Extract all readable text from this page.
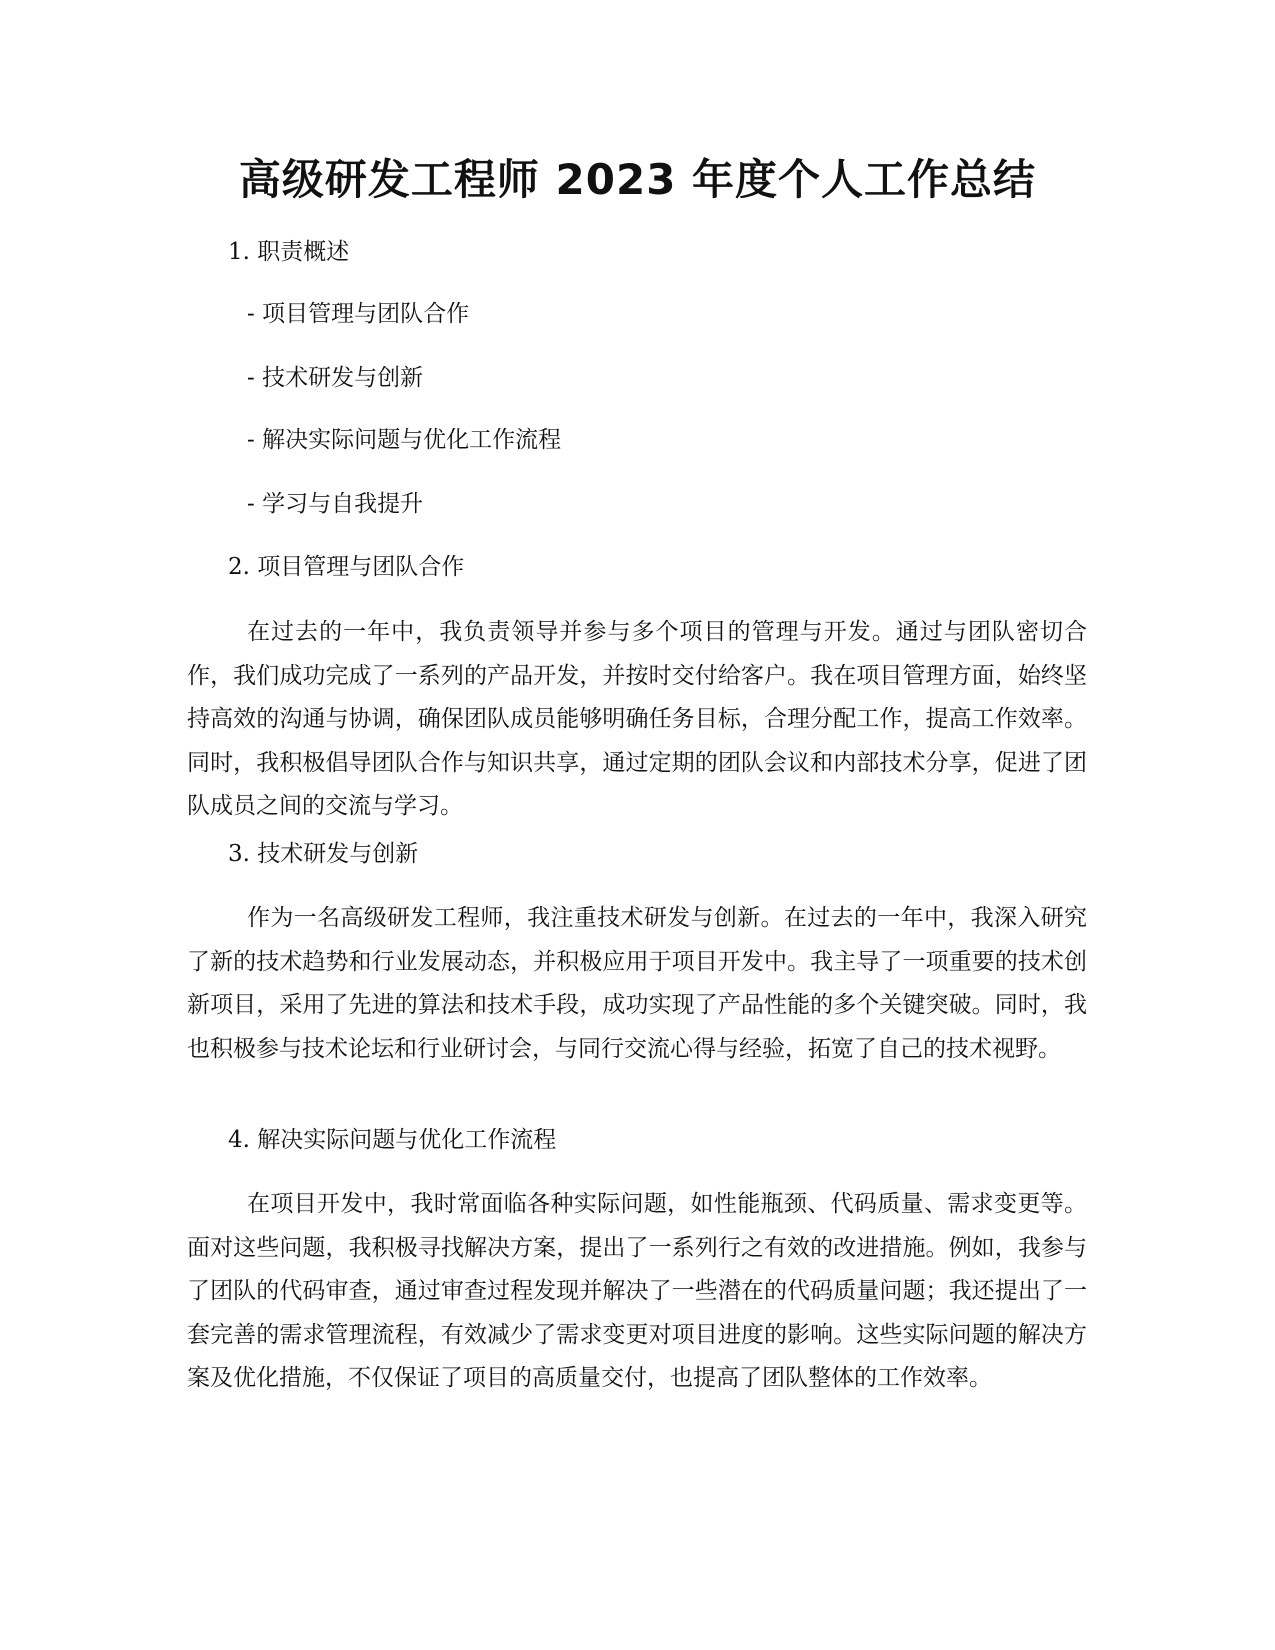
高级研发工程师 2023 年度个人工作总结

1. 职责概述

- 项目管理与团队合作

- 技术研发与创新

- 解决实际问题与优化工作流程

- 学习与自我提升

2. 项目管理与团队合作

在过去的一年中，我负责领导并参与多个项目的管理与开发。通过与团队密切合作，我们成功完成了一系列的产品开发，并按时交付给客户。我在项目管理方面，始终坚持高效的沟通与协调，确保团队成员能够明确任务目标，合理分配工作，提高工作效率。同时，我积极倡导团队合作与知识共享，通过定期的团队会议和内部技术分享，促进了团队成员之间的交流与学习。

3. 技术研发与创新

作为一名高级研发工程师，我注重技术研发与创新。在过去的一年中，我深入研究了新的技术趋势和行业发展动态，并积极应用于项目开发中。我主导了一项重要的技术创新项目，采用了先进的算法和技术手段，成功实现了产品性能的多个关键突破。同时，我也积极参与技术论坛和行业研讨会，与同行交流心得与经验，拓宽了自己的技术视野。

4. 解决实际问题与优化工作流程

在项目开发中，我时常面临各种实际问题，如性能瓶颈、代码质量、需求变更等。面对这些问题，我积极寻找解决方案，提出了一系列行之有效的改进措施。例如，我参与了团队的代码审查，通过审查过程发现并解决了一些潜在的代码质量问题；我还提出了一套完善的需求管理流程，有效减少了需求变更对项目进度的影响。这些实际问题的解决方案及优化措施，不仅保证了项目的高质量交付，也提高了团队整体的工作效率。
